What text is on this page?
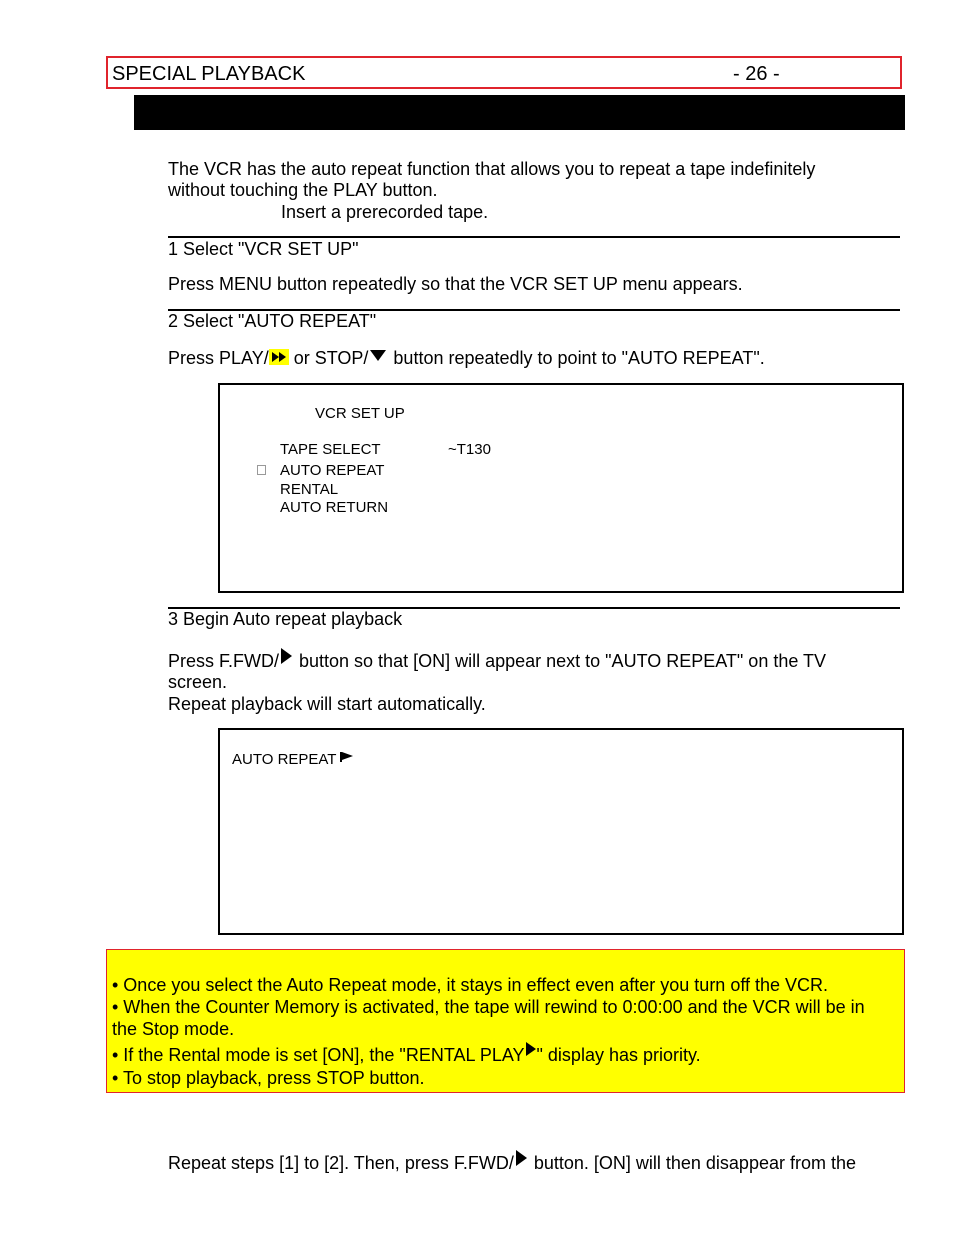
SPECIAL PLAYBACK	- 26 -
The VCR has the auto repeat function that allows you to repeat a tape indefinitely
without touching the PLAY button.
Insert a prerecorded tape.
1 Select "VCR SET UP"
Press MENU button repeatedly so that the VCR SET UP menu appears.
2 Select "AUTO REPEAT"
Press PLAY/ or STOP/ button repeatedly to point to "AUTO REPEAT".
VCR SET UP
TAPE SELECT	~T130
AUTO REPEAT
RENTAL
AUTO RETURN
3 Begin Auto repeat playback
Press F.FWD/ button so that [ON] will appear next to "AUTO REPEAT" on the TV
screen.
Repeat playback will start automatically.
AUTO REPEAT
• Once you select the Auto Repeat mode, it stays in effect even after you turn off the VCR.
• When the Counter Memory is activated, the tape will rewind to 0:00:00 and the VCR will be in
the Stop mode.
• If the Rental mode is set [ON], the "RENTAL PLAY " display has priority.
• To stop playback, press STOP button.
Repeat steps [1] to [2]. Then, press F.FWD/ button. [ON] will then disappear from the
